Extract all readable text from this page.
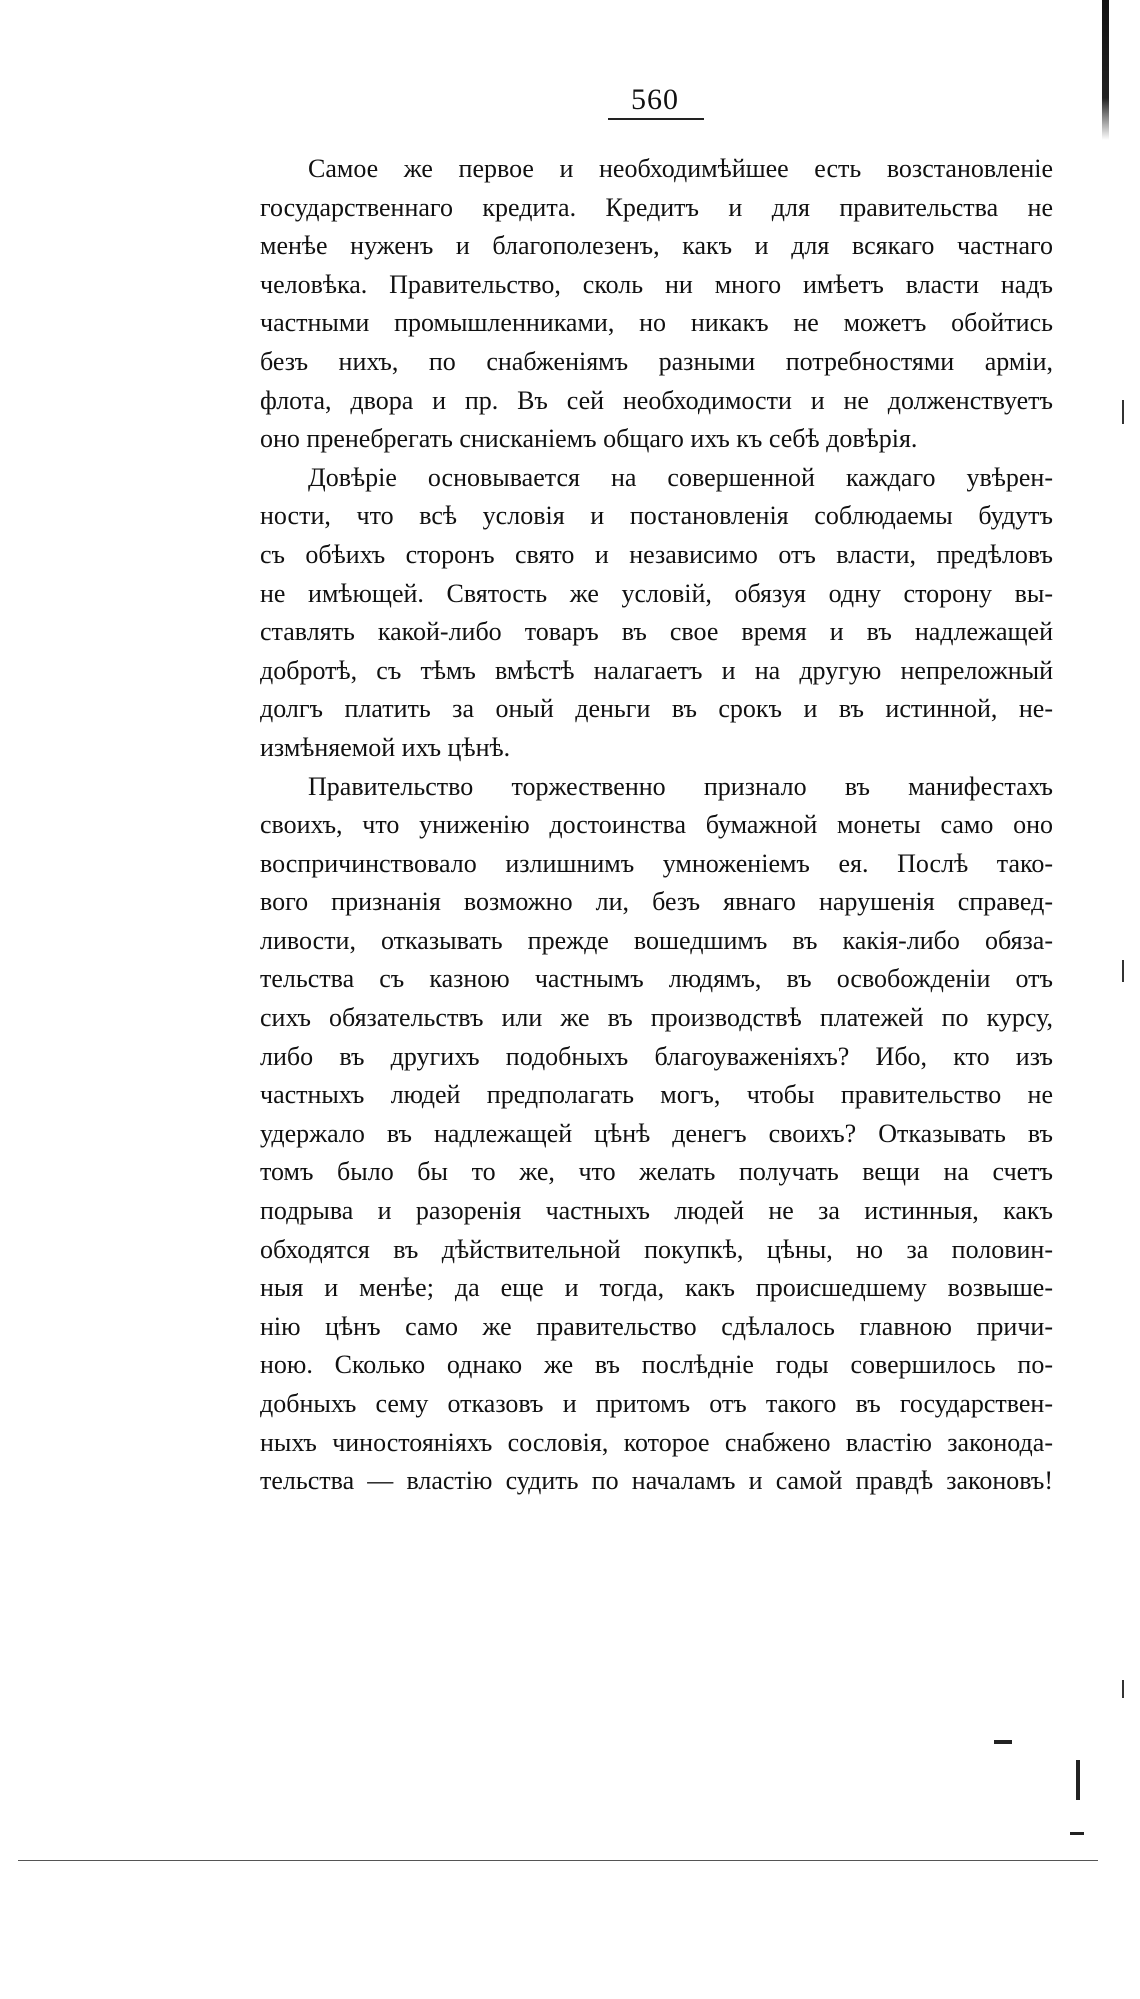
560
Самое же первое и необходимѣйшее есть возстановленіе
государственнаго кредита. Кредитъ и для правительства не
менѣе нуженъ и благополезенъ, какъ и для всякаго частнаго
человѣка. Правительство, сколь ни много имѣетъ власти надъ
частными промышленниками, но никакъ не можетъ обойтись
безъ нихъ, по снабженіямъ разными потребностями арміи,
флота, двора и пр. Въ сей необходимости и не долженствуетъ
оно пренебрегать снисканіемъ общаго ихъ къ себѣ довѣрія.
Довѣріе основывается на совершенной каждаго увѣрен-
ности, что всѣ условія и постановленія соблюдаемы будутъ
съ обѣихъ сторонъ свято и независимо отъ власти, предѣловъ
не имѣющей. Святость же условій, обязуя одну сторону вы-
ставлять какой-либо товаръ въ свое время и въ надлежащей
добротѣ, съ тѣмъ вмѣстѣ налагаетъ и на другую непреложный
долгъ платить за оный деньги въ срокъ и въ истинной, не-
измѣняемой ихъ цѣнѣ.
Правительство торжественно признало въ манифестахъ
своихъ, что униженію достоинства бумажной монеты само оно
воспричинствовало излишнимъ умноженіемъ ея. Послѣ тако-
вого признанія возможно ли, безъ явнаго нарушенія справед-
ливости, отказывать прежде вошедшимъ въ какія-либо обяза-
тельства съ казною частнымъ людямъ, въ освобожденіи отъ
сихъ обязательствъ или же въ производствѣ платежей по курсу,
либо въ другихъ подобныхъ благоуваженіяхъ? Ибо, кто изъ
частныхъ людей предполагать могъ, чтобы правительство не
удержало въ надлежащей цѣнѣ денегъ своихъ? Отказывать въ
томъ было бы то же, что желать получать вещи на счетъ
подрыва и разоренія частныхъ людей не за истинныя, какъ
обходятся въ дѣйствительной покупкѣ, цѣны, но за половин-
ныя и менѣе; да еще и тогда, какъ происшедшему возвыше-
нію цѣнъ само же правительство сдѣлалось главною причи-
ною. Сколько однако же въ послѣдніе годы совершилось по-
добныхъ сему отказовъ и притомъ отъ такого въ государствен-
ныхъ чиностояніяхъ сословія, которое снабжено властію законода-
тельства — властію судить по началамъ и самой правдѣ законовъ!
